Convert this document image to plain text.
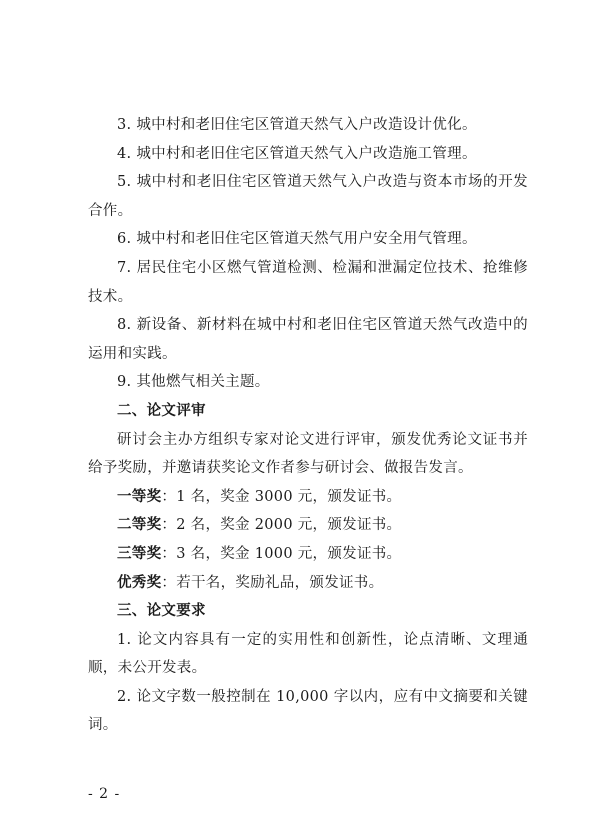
3. 城中村和老旧住宅区管道天然气入户改造设计优化。

4. 城中村和老旧住宅区管道天然气入户改造施工管理。

5. 城中村和老旧住宅区管道天然气入户改造与资本市场的开发合作。

6. 城中村和老旧住宅区管道天然气用户安全用气管理。

7. 居民住宅小区燃气管道检测、检漏和泄漏定位技术、抢维修技术。

8. 新设备、新材料在城中村和老旧住宅区管道天然气改造中的运用和实践。

9. 其他燃气相关主题。

二、论文评审

研讨会主办方组织专家对论文进行评审，颁发优秀论文证书并给予奖励，并邀请获奖论文作者参与研讨会、做报告发言。

一等奖：1 名，奖金 3000 元，颁发证书。

二等奖：2 名，奖金 2000 元，颁发证书。

三等奖：3 名，奖金 1000 元，颁发证书。

优秀奖：若干名，奖励礼品，颁发证书。

三、论文要求

1. 论文内容具有一定的实用性和创新性，论点清晰、文理通顺，未公开发表。

2. 论文字数一般控制在 10,000 字以内，应有中文摘要和关键词。

- 2 -
